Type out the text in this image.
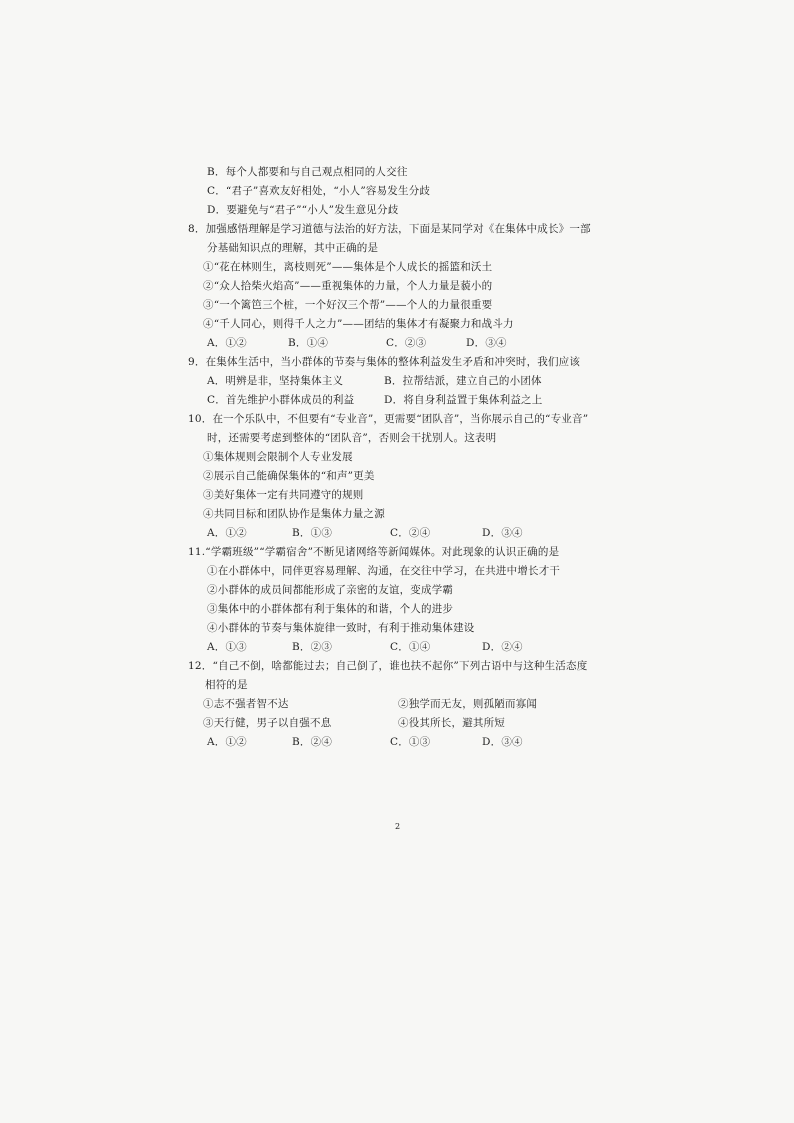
B．每个人都要和与自己观点相同的人交往
C．“君子”喜欢友好相处，“小人”容易发生分歧
D．要避免与“君子”“小人”发生意见分歧
8．加强感悟理解是学习道德与法治的好方法，下面是某同学对《在集体中成长》一部
分基础知识点的理解，其中正确的是
①“花在林则生，离枝则死”——集体是个人成长的摇篮和沃土
②“众人拾柴火焰高”——重视集体的力量，个人力量是藐小的
③“一个篱笆三个桩，一个好汉三个帮”——个人的力量很重要
④“千人同心，则得千人之力”——团结的集体才有凝聚力和战斗力
A．①②	B．①④	C．②③	D．③④
9．在集体生活中，当小群体的节奏与集体的整体利益发生矛盾和冲突时，我们应该
A．明辨是非，坚持集体主义	B．拉帮结派，建立自己的小团体
C．首先维护小群体成员的利益	D．将自身利益置于集体利益之上
10．在一个乐队中，不但要有“专业音”，更需要“团队音”，当你展示自己的“专业音”
时，还需要考虑到整体的“团队音”，否则会干扰别人。这表明
①集体规则会限制个人专业发展
②展示自己能确保集体的“和声”更美
③美好集体一定有共同遵守的规则
④共同目标和团队协作是集体力量之源
A．①②	B．①③	C．②④	D．③④
11.“学霸班级”“学霸宿舍”不断见诸网络等新闻媒体。对此现象的认识正确的是
①在小群体中，同伴更容易理解、沟通，在交往中学习，在共进中增长才干
②小群体的成员间都能形成了亲密的友谊，变成学霸
③集体中的小群体都有利于集体的和谐，个人的进步
④小群体的节奏与集体旋律一致时，有利于推动集体建设
A．①③	B．②③	C．①④	D．②④
12．“自己不倒，啥都能过去；自己倒了，谁也扶不起你”下列古语中与这种生活态度
相符的是
①志不强者智不达	②独学而无友，则孤陋而寡闻
③天行健，男子以自强不息	④役其所长，避其所短
A．①②	B．②④	C．①③	D．③④
2
